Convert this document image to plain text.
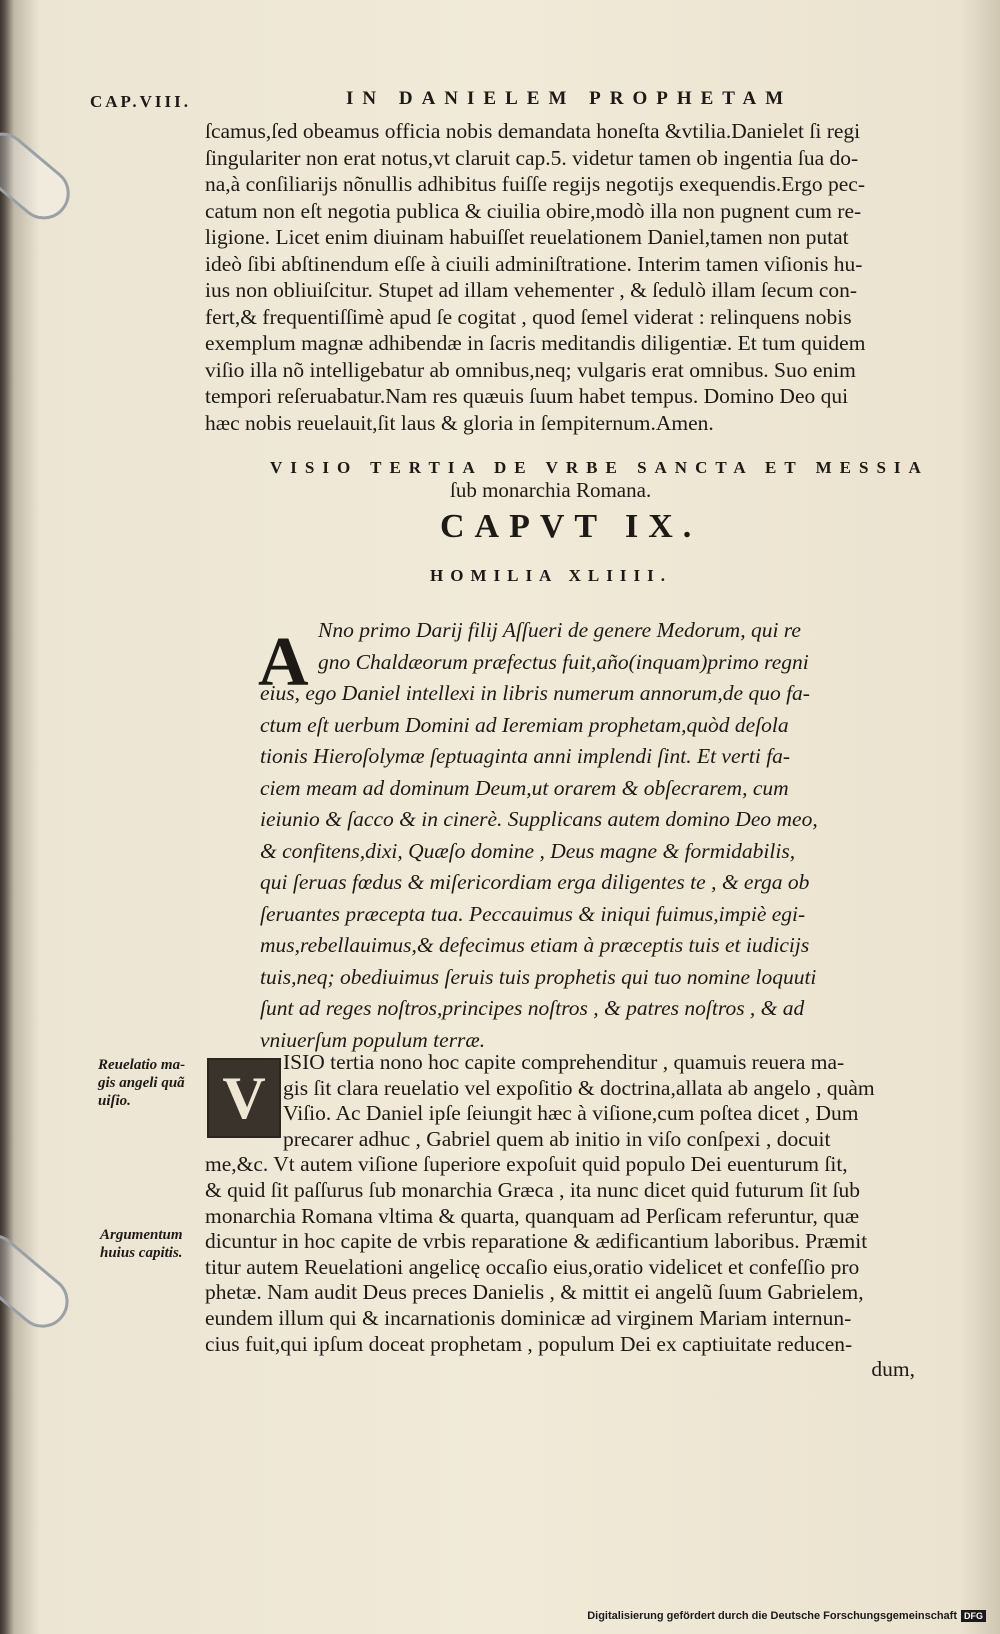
CAP.VIII.	IN DANIELEM PROPHETAM

ſcamus,ſed obeamus officia nobis demandata honeſta &vtilia.Danielet ſi regi

ſingulariter non erat notus,vt claruit cap.5. videtur tamen ob ingentia ſua do-

na,à conſiliarijs nõnullis adhibitus fuiſſe regijs negotijs exequendis.Ergo pec-

catum non eſt negotia publica & ciuilia obire,modò illa non pugnent cum re-

ligione. Licet enim diuinam habuiſſet reuelationem Daniel,tamen non putat

ideò ſibi abſtinendum eſſe à ciuili adminiſtratione. Interim tamen viſionis hu-

ius non obliuiſcitur. Stupet ad illam vehementer , & ſedulò illam ſecum con-

fert,& frequentiſſimè apud ſe cogitat , quod ſemel viderat : relinquens nobis

exemplum magnæ adhibendæ in ſacris meditandis diligentiæ. Et tum quidem

viſio illa nõ intelligebatur ab omnibus,neq; vulgaris erat omnibus. Suo enim

tempori reſeruabatur.Nam res quæuis ſuum habet tempus. Domino Deo qui

hæc nobis reuelauit,ſit laus & gloria in ſempiternum.Amen.

VISIO TERTIA DE VRBE SANCTA ET MESSIA
ſub monarchia Romana.
CAPVT IX.
HOMILIA XLIIII.
A Nno primo Darij filij Aſſueri de genere Medorum, qui re

gno Chaldæorum præfectus fuit,año(inquam)primo regni

eius, ego Daniel intellexi in libris numerum annorum,de quo fa-

ctum eſt uerbum Domini ad Ieremiam prophetam,quòd deſola

tionis Hieroſolymæ ſeptuaginta anni implendi ſint. Et verti fa-

ciem meam ad dominum Deum,ut orarem & obſecrarem, cum

ieiunio & ſacco & in cinerè. Supplicans autem domino Deo meo,

& confitens,dixi, Quæſo domine , Deus magne & formidabilis,

qui ſeruas fœdus & miſericordiam erga diligentes te , & erga ob

ſeruantes præcepta tua. Peccauimus & iniqui fuimus,impiè egi-

mus,rebellauimus,& defecimus etiam à præceptis tuis et iudicijs

tuis,neq; obediuimus ſeruis tuis prophetis qui tuo nomine loquuti

ſunt ad reges noſtros,principes noſtros , & patres noſtros , & ad

vniuerſum populum terræ.

Reuelatio ma-

gis angeli quã

uiſio.

Argumentum

huius capitis.

V

ISIO tertia nono hoc capite comprehenditur , quamuis reuera ma-

gis ſit clara reuelatio vel expoſitio & doctrina,allata ab angelo , quàm

Viſio. Ac Daniel ipſe ſeiungit hæc à viſione,cum poſtea dicet , Dum

precarer adhuc , Gabriel quem ab initio in viſo conſpexi , docuit

me,&c. Vt autem viſione ſuperiore expoſuit quid populo Dei euenturum ſit,

& quid ſit paſſurus ſub monarchia Græca , ita nunc dicet quid futurum ſit ſub

monarchia Romana vltima & quarta, quanquam ad Perſicam referuntur, quæ

dicuntur in hoc capite de vrbis reparatione & ædificantium laboribus. Præmit

titur autem Reuelationi angelicę occaſio eius,oratio videlicet et confeſſio pro

phetæ. Nam audit Deus preces Danielis , & mittit ei angelũ ſuum Gabrielem,

eundem illum qui & incarnationis dominicæ ad virginem Mariam internun-

cius fuit,qui ipſum doceat prophetam , populum Dei ex captiuitate reducen-

dum,

Digitalisierung gefördert durch die Deutsche Forschungsgemeinschaft DFG
